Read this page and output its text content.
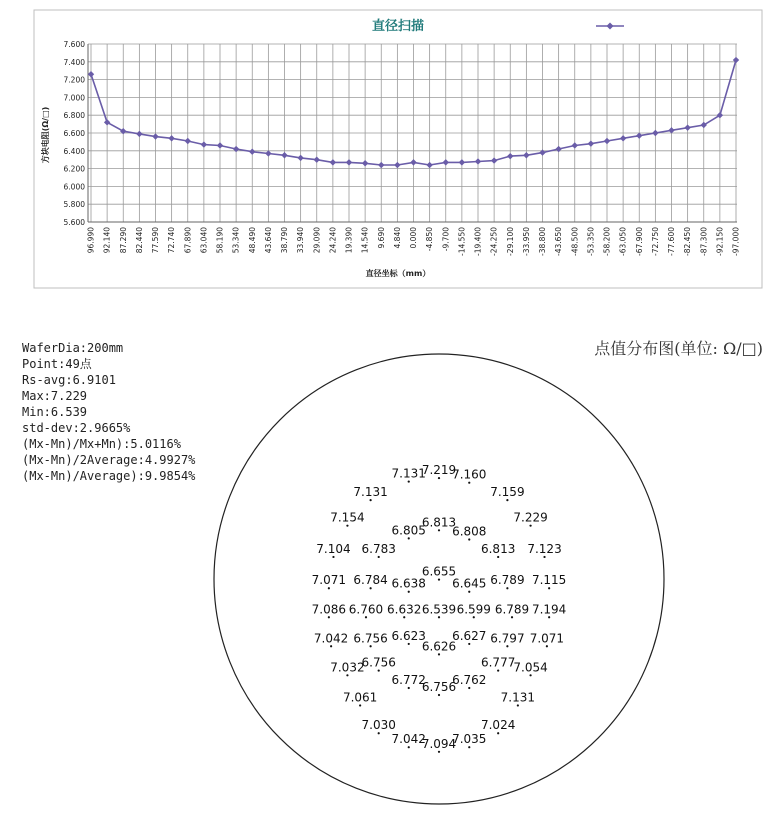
5.600
5.800
6.000
6.200
6.400
6.600
6.800
7.000
7.200
7.400
7.600
96.990 92.140 87.290 82.440 77.590 72.740 67.890 63.040 58.190 53.340 48.490 43.640 38.790 33.940 29.090 24.240 19.390 14.540 9.690 4.840 0.000 -4.850 -9.700 -14.550 -19.400 -24.250 -29.100 -33.950 -38.800 -43.650 -48.500 -53.350 -58.200 -63.050 -67.900 -72.750 -77.600 -82.450 -87.300 -92.150 -97.000
直径扫描
方块电阻(Ω/□)
直径坐标（mm）
WaferDia:200mm
Point:49点
Rs-avg:6.9101
Max:7.229
Min:6.539
std-dev:2.9665%
(Mx-Mn)/Mx+Mn):5.0116%
(Mx-Mn)/2Average:4.9927%
(Mx-Mn)/Average):9.9854%
点值分布图(单位: Ω/□)
7.219
7.131 7.160
7.131	7.159
7.154	7.229
6.813
6.805 6.808
7.104	7.123
6.783	6.813
6.655
7.071	7.115
6.784	6.789
6.638 6.645
7.086 6.760 6.632 6.539 6.599 6.789 7.194
7.042 6.756 6.623
6.626
6.627 6.797 7.071
7.032
6.756	6.777
7.054
6.772
6.756
6.762
7.061	7.131
7.030	7.024
7.042
7.094
7.035
